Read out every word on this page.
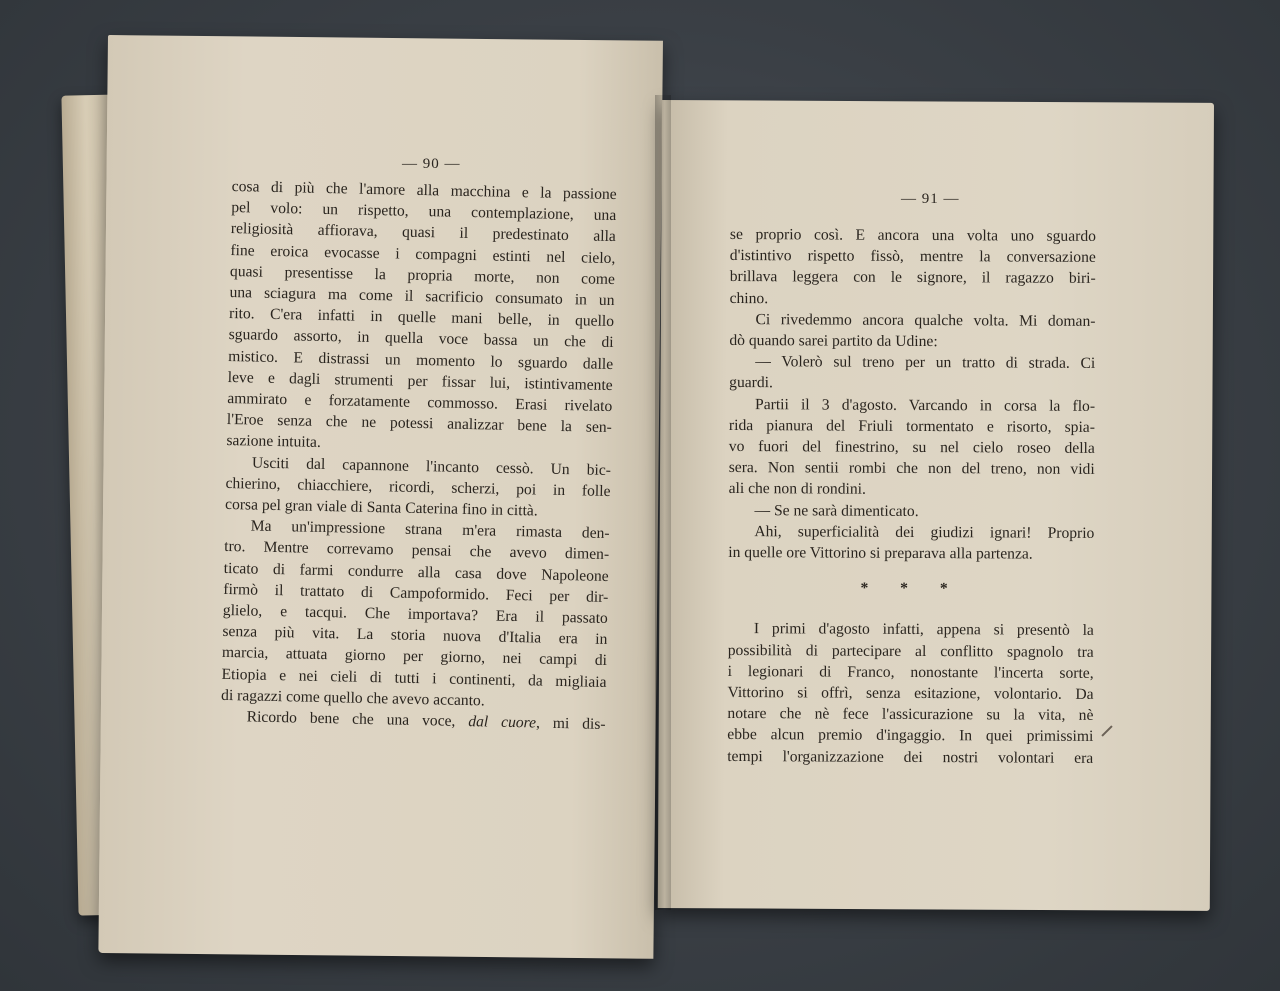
— 90 —
— 91 —
cosa di più che l'amore alla macchina e la passione
pel volo: un rispetto, una contemplazione, una
religiosità affiorava, quasi il predestinato alla
fine eroica evocasse i compagni estinti nel cielo,
quasi presentisse la propria morte, non come
una sciagura ma come il sacrificio consumato in un
rito. C'era infatti in quelle mani belle, in quello
sguardo assorto, in quella voce bassa un che di
mistico. E distrassi un momento lo sguardo dalle
leve e dagli strumenti per fissar lui, istintivamente
ammirato e forzatamente commosso. Erasi rivelato
l'Eroe senza che ne potessi analizzar bene la sen-
sazione intuita.
Usciti dal capannone l'incanto cessò. Un bic-
chierino, chiacchiere, ricordi, scherzi, poi in folle
corsa pel gran viale di Santa Caterina fino in città.
Ma un'impressione strana m'era rimasta den-
tro. Mentre correvamo pensai che avevo dimen-
ticato di farmi condurre alla casa dove Napoleone
firmò il trattato di Campoformido. Feci per dir-
glielo, e tacqui. Che importava? Era il passato
senza più vita. La storia nuova d'Italia era in
marcia, attuata giorno per giorno, nei campi di
Etiopia e nei cieli di tutti i continenti, da migliaia
di ragazzi come quello che avevo accanto.
Ricordo bene che una voce, dal cuore, mi dis-
se proprio così. E ancora una volta uno sguardo
d'istintivo rispetto fissò, mentre la conversazione
brillava leggera con le signore, il ragazzo biri-
chino.
Ci rivedemmo ancora qualche volta. Mi doman-
dò quando sarei partito da Udine:
— Volerò sul treno per un tratto di strada. Ci
guardi.
Partii il 3 d'agosto. Varcando in corsa la flo-
rida pianura del Friuli tormentato e risorto, spia-
vo fuori del finestrino, su nel cielo roseo della
sera. Non sentii rombi che non del treno, non vidi
ali che non di rondini.
— Se ne sarà dimenticato.
Ahi, superficialità dei giudizi ignari! Proprio
in quelle ore Vittorino si preparava alla partenza.
* * *
I primi d'agosto infatti, appena si presentò la
possibilità di partecipare al conflitto spagnolo tra
i legionari di Franco, nonostante l'incerta sorte,
Vittorino si offrì, senza esitazione, volontario. Da
notare che nè fece l'assicurazione su la vita, nè
ebbe alcun premio d'ingaggio. In quei primissimi
tempi l'organizzazione dei nostri volontari era
